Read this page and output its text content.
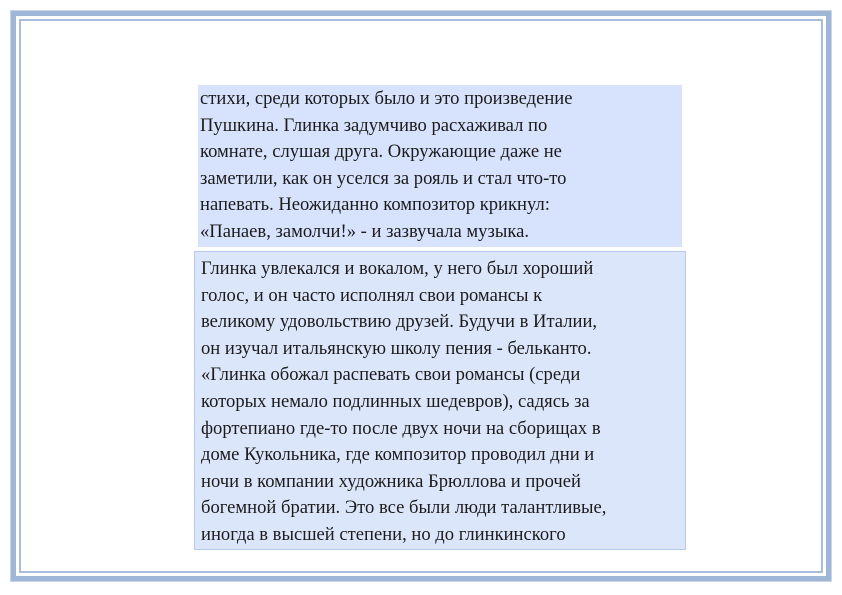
стихи, среди которых было и это произведение
Пушкина. Глинка задумчиво расхаживал по
комнате, слушая друга. Окружающие даже не
заметили, как он уселся за рояль и стал что-то
напевать. Неожиданно композитор крикнул:
«Панаев, замолчи!» - и зазвучала музыка.
Глинка увлекался и вокалом, у него был хороший
голос, и он часто исполнял свои романсы к
великому удовольствию друзей. Будучи в Италии,
он изучал итальянскую школу пения - бельканто.
«Глинка обожал распевать свои романсы (среди
которых немало подлинных шедевров), садясь за
фортепиано где-то после двух ночи на сборищах в
доме Кукольника, где композитор проводил дни и
ночи в компании художника Брюллова и прочей
богемной братии. Это все были люди талантливые,
иногда в высшей степени, но до глинкинского
